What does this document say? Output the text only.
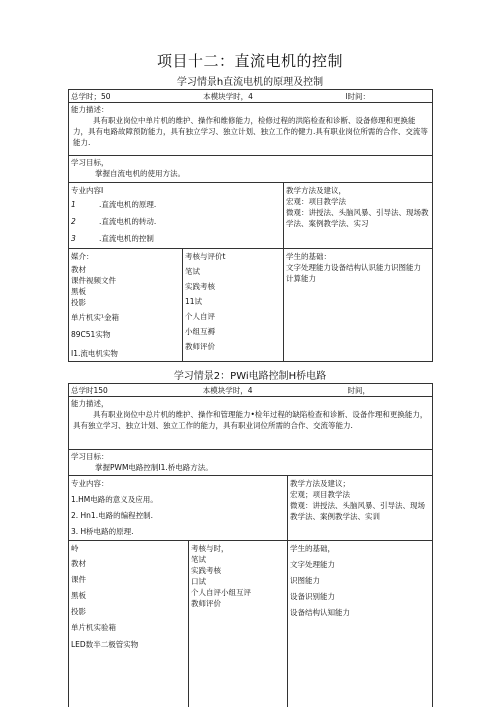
项目十二：直流电机的控制
学习情景h直流电机的原理及控制
总学时；50	本模块学时，4	l时间：
能力描述：
具有职业岗位中单片机的维护、操作和维修能力，检修过程的洪陷检查和诊断、设备修理和更换能力，具有电路故障预防能力，具有独立学习、独立计划、独立工作的健力.具有职业岗位所需的合作、交流等能力.
学习目标，
掌握自流电机的使用方法。
专业内容I
1	.直流电机的原理.
2	.直流电机的转动.
3	.直流电机的控制
教学方法及建议，
宏观：项目教学法
微观：讲授法、头脑风暴、引导法、现场教学法、案例教学法、实习
媒介：
教材
课件视频文件
黑板
投影
单片机实¹金箱
89C51实物
I1.流电机实物
考核与评价t
笔试
实践考核
11试
个人自评
小组互褥
教师评价
学生的基础：
文字处理能力设备结构认识能力识图能力
计算能力
学习情景2：PWi电路控制H桥电路
总学时150	本模块学时，4	时间，
能力描述，
具有职业岗位中总片机的维护、操作和管理能力•检年过程的缺陷检查和诊断、设备作理和更换能力，具有独立学习、独立计划、独立工作的能力，具有职业词位所需的合作、交流等能力.
学习目标：
掌握PWM电路控制I1.桥电路方法。
专业内容：
1.HM电路的意义及应用。
2. Hn1.电路的编程控制.
3. H桥电路的原理.
教学方法及建议；
宏观；项目教学法
微观：讲授法、头脑风暴、引导法、现场教学法、案例教学法、实训
岭
教材
课件
黑板
投影
单片机实验箱
LED数半二极管实物
考核与时，
笔试
实践考核
口试
个人自评小组互评
教师评价
学生的基础，
文字处理能力
识图能力
设备识别能力
设备结构认知能力
